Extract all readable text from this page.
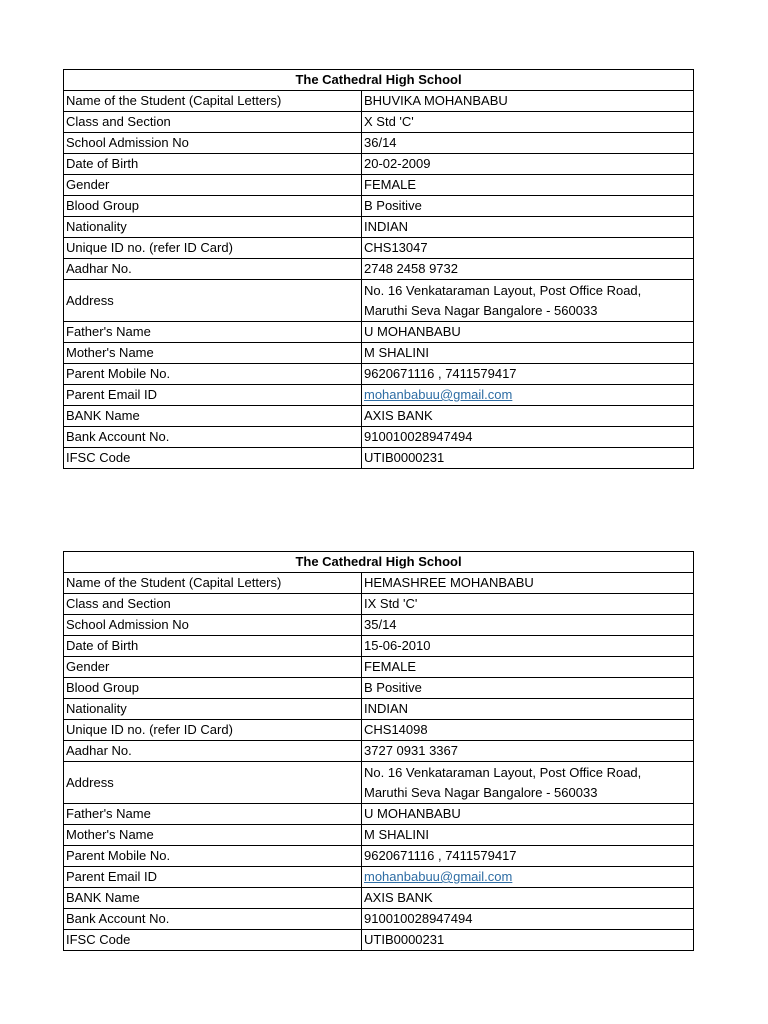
The Cathedral High School	
Name of the Student (Capital Letters)	BHUVIKA MOHANBABU
Class and Section	X Std 'C'
School Admission No	36/14
Date of Birth	20-02-2009
Gender	FEMALE
Blood Group	B Positive
Nationality	INDIAN
Unique ID no. (refer ID Card)	CHS13047
Aadhar No.	2748 2458 9732
Address	No. 16 Venkataraman Layout, Post Office Road,
Maruthi Seva Nagar Bangalore - 560033

Father's Name	U MOHANBABU
Mother's Name	M SHALINI
Parent Mobile No.	9620671116 , 7411579417
Parent Email ID	mohanbabuu@gmail.com
BANK Name	AXIS BANK
Bank Account No.	910010028947494
IFSC Code	UTIB0000231
The Cathedral High School	
Name of the Student (Capital Letters)	HEMASHREE MOHANBABU
Class and Section	IX Std 'C'
School Admission No	35/14
Date of Birth	15-06-2010
Gender	FEMALE
Blood Group	B Positive
Nationality	INDIAN
Unique ID no. (refer ID Card)	CHS14098
Aadhar No.	3727 0931 3367
Address	No. 16 Venkataraman Layout, Post Office Road,
Maruthi Seva Nagar Bangalore - 560033

Father's Name	U MOHANBABU
Mother's Name	M SHALINI
Parent Mobile No.	9620671116 , 7411579417
Parent Email ID	mohanbabuu@gmail.com
BANK Name	AXIS BANK
Bank Account No.	910010028947494
IFSC Code	UTIB0000231
